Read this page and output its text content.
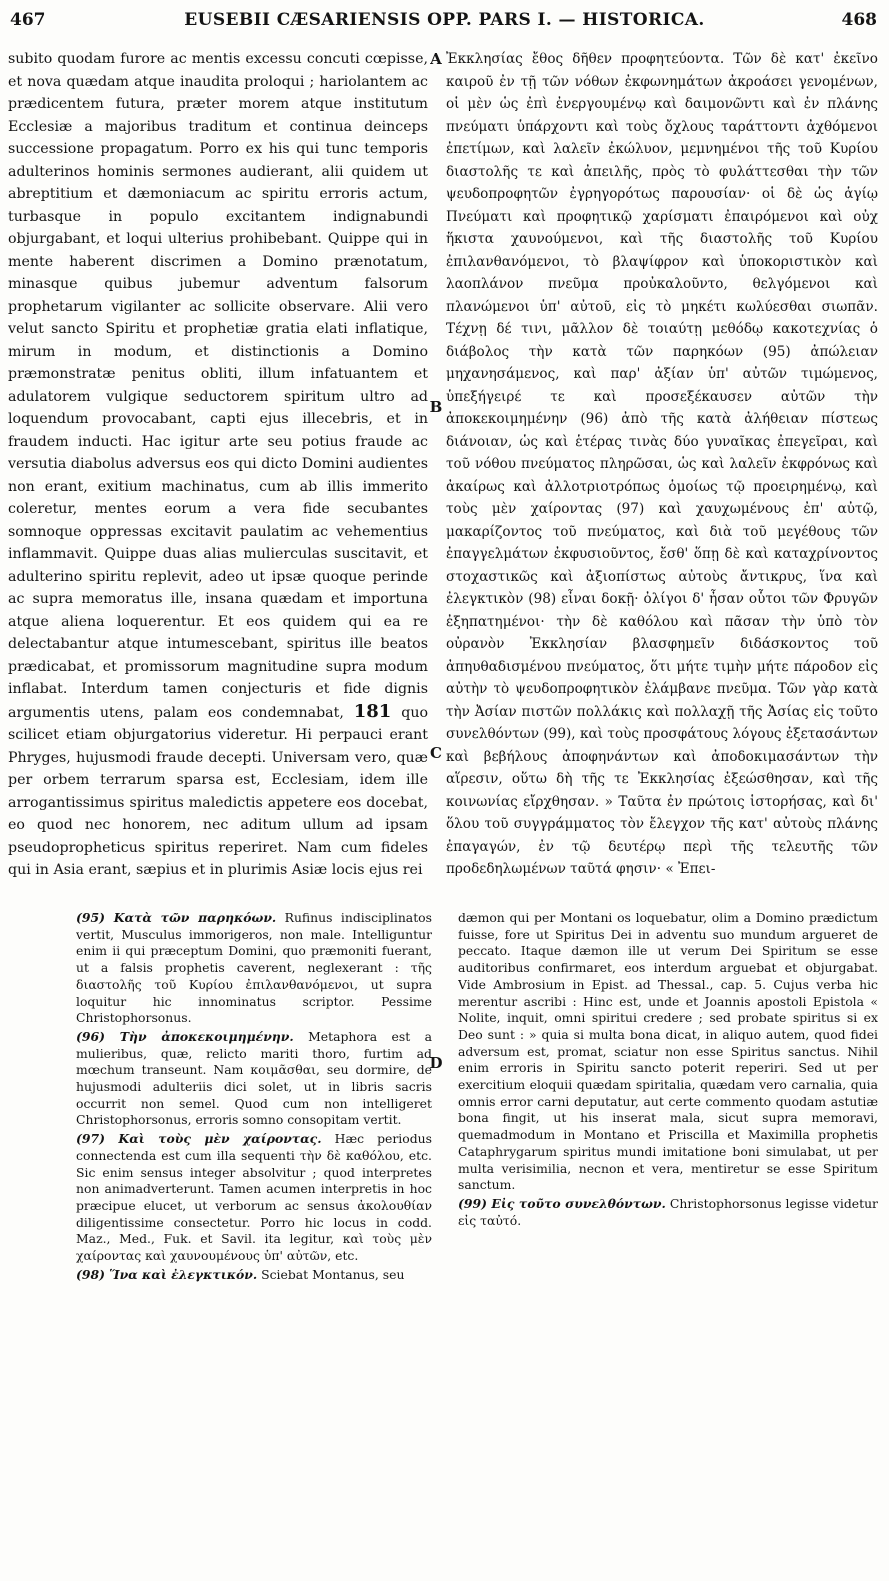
467	EUSEBII CÆSARIENSIS OPP. PARS I. — HISTORICA.	468

subito quodam furore ac mentis excessu concuti cœpisse, et nova quædam atque inaudita proloqui ; hariolantem ac prædicentem futura, præter morem atque institutum Ecclesiæ a majoribus traditum et continua deinceps successione propagatum. Porro ex his qui tunc temporis adulterinos hominis sermones audierant, alii quidem ut abreptitium et dæmoniacum ac spiritu erroris actum, turbasque in populo excitantem indignabundi objurgabant, et loqui ulterius prohibebant. Quippe qui in mente haberent discrimen a Domino prænotatum, minasque quibus jubemur adventum falsorum prophetarum vigilanter ac sollicite observare. Alii vero velut sancto Spiritu et prophetiæ gratia elati inflatique, mirum in modum, et distinctionis a Domino præmonstratæ penitus obliti, illum infatuantem et adulatorem vulgique seductorem spiritum ultro ad loquendum provocabant, capti ejus illecebris, et in fraudem inducti. Hac igitur arte seu potius fraude ac versutia diabolus adversus eos qui dicto Domini audientes non erant, exitium machinatus, cum ab illis immerito coleretur, mentes eorum a vera fide secubantes somnoque oppressas excitavit paulatim ac vehementius inflammavit. Quippe duas alias mulierculas suscitavit, et adulterino spiritu replevit, adeo ut ipsæ quoque perinde ac supra memoratus ille, insana quædam et importuna atque aliena loquerentur. Et eos quidem qui ea re delectabantur atque intumescebant, spiritus ille beatos prædicabat, et promissorum magnitudine supra modum inflabat. Interdum tamen conjecturis et fide dignis argumentis utens, palam eos condemnabat, 181 quo scilicet etiam objurgatorius videretur. Hi perpauci erant Phryges, hujusmodi fraude decepti. Universam vero, quæ per orbem terrarum sparsa est, Ecclesiam, idem ille arrogantissimus spiritus maledictis appetere eos docebat, eo quod nec honorem, nec aditum ullum ad ipsam pseudopropheticus spiritus reperiret. Nam cum fideles qui in Asia erant, sæpius et in plurimis Asiæ locis ejus rei

A
B
C
D

Ἐκκλησίας ἔθος δῆθεν προφητεύοντα. Τῶν δὲ κατ' ἐκεῖνο καιροῦ ἐν τῇ τῶν νόθων ἐκφωνημάτων ἀκροάσει γενομένων, οἱ μὲν ὡς ἐπὶ ἐνεργουμένῳ καὶ δαιμονῶντι καὶ ἐν πλάνης πνεύματι ὑπάρχοντι καὶ τοὺς ὄχλους ταράττοντι ἀχθόμενοι ἐπετίμων, καὶ λαλεῖν ἐκώλυον, μεμνημένοι τῆς τοῦ Κυρίου διαστολῆς τε καὶ ἀπειλῆς, πρὸς τὸ φυλάττεσθαι τὴν τῶν ψευδοπροφητῶν ἐγρηγορότως παρουσίαν· οἱ δὲ ὡς ἁγίῳ Πνεύματι καὶ προφητικῷ χαρίσματι ἐπαιρόμενοι καὶ οὐχ ἥκιστα χαυνούμενοι, καὶ τῆς διαστολῆς τοῦ Κυρίου ἐπιλανθανόμενοι, τὸ βλαψίφρον καὶ ὑποκοριστικὸν καὶ λαοπλάνον πνεῦμα προὐκαλοῦντο, θελγόμενοι καὶ πλανώμενοι ὑπ' αὐτοῦ, εἰς τὸ μηκέτι κωλύεσθαι σιωπᾶν. Τέχνῃ δέ τινι, μᾶλλον δὲ τοιαύτῃ μεθόδῳ κακοτεχνίας ὁ διάβολος τὴν κατὰ τῶν παρηκόων (95) ἀπώλειαν μηχανησάμενος, καὶ παρ' ἀξίαν ὑπ' αὐτῶν τιμώμενος, ὑπεξήγειρέ τε καὶ προσεξέκαυσεν αὐτῶν τὴν ἀποκεκοιμημένην (96) ἀπὸ τῆς κατὰ ἀλήθειαν πίστεως διάνοιαν, ὡς καὶ ἑτέρας τινὰς δύο γυναῖκας ἐπεγεῖραι, καὶ τοῦ νόθου πνεύματος πληρῶσαι, ὡς καὶ λαλεῖν ἐκφρόνως καὶ ἀκαίρως καὶ ἀλλοτριοτρόπως ὁμοίως τῷ προειρημένῳ, καὶ τοὺς μὲν χαίροντας (97) καὶ χαυχωμένους ἐπ' αὐτῷ, μακαρίζοντος τοῦ πνεύματος, καὶ διὰ τοῦ μεγέθους τῶν ἐπαγγελμάτων ἐκφυσιοῦντος, ἔσθ' ὅπῃ δὲ καὶ καταχρίνοντος στοχαστικῶς καὶ ἀξιοπίστως αὐτοὺς ἄντικρυς, ἵνα καὶ ἐλεγκτικὸν (98) εἶναι δοκῇ· ὀλίγοι δ' ἦσαν οὗτοι τῶν Φρυγῶν ἐξηπατημένοι· τὴν δὲ καθόλου καὶ πᾶσαν τὴν ὑπὸ τὸν οὐρανὸν Ἐκκλησίαν βλασφημεῖν διδάσκοντος τοῦ ἀπηυθαδισμένου πνεύματος, ὅτι μήτε τιμὴν μήτε πάροδον εἰς αὐτὴν τὸ ψευδοπροφητικὸν ἐλάμβανε πνεῦμα. Τῶν γὰρ κατὰ τὴν Ἀσίαν πιστῶν πολλάκις καὶ πολλαχῇ τῆς Ἀσίας εἰς τοῦτο συνελθόντων (99), καὶ τοὺς προσφάτους λόγους ἐξετασάντων καὶ βεβήλους ἀποφηνάντων καὶ ἀποδοκιμασάντων τὴν αἵρεσιν, οὕτω δὴ τῆς τε Ἐκκλησίας ἐξεώσθησαν, καὶ τῆς κοινωνίας εἴρχθησαν. » Ταῦτα ἐν πρώτοις ἱστορήσας, καὶ δι' ὅλου τοῦ συγγράμματος τὸν ἔλεγχον τῆς κατ' αὐτοὺς πλάνης ἐπαγαγών, ἐν τῷ δευτέρῳ περὶ τῆς τελευτῆς τῶν προδεδηλωμένων ταῦτά φησιν· « Ἐπει-

(95) Κατὰ τῶν παρηκόων. Rufinus indisciplinatos vertit, Musculus immorigeros, non male. Intelliguntur enim ii qui præceptum Domini, quo præmoniti fuerant, ut a falsis prophetis caverent, neglexerant : τῆς διαστολῆς τοῦ Κυρίου ἐπιλανθανόμενοι, ut supra loquitur hic innominatus scriptor. Pessime Christophorsonus.

(96) Τὴν ἀποκεκοιμημένην. Metaphora est a mulieribus, quæ, relicto mariti thoro, furtim ad mœchum transeunt. Nam κοιμᾶσθαι, seu dormire, de hujusmodi adulteriis dici solet, ut in libris sacris occurrit non semel. Quod cum non intelligeret Christophorsonus, erroris somno consopitam vertit.

(97) Καὶ τοὺς μὲν χαίροντας. Hæc periodus connectenda est cum illa sequenti τὴν δὲ καθόλου, etc. Sic enim sensus integer absolvitur ; quod interpretes non animadverterunt. Tamen acumen interpretis in hoc præcipue elucet, ut verborum ac sensus ἀκολουθίαν diligentissime consectetur. Porro hic locus in codd. Maz., Med., Fuk. et Savil. ita legitur, καὶ τοὺς μὲν χαίροντας καὶ χαυνουμένους ὑπ' αὐτῶν, etc.

(98) Ἵνα καὶ ἐλεγκτικόν. Sciebat Montanus, seu

dæmon qui per Montani os loquebatur, olim a Domino prædictum fuisse, fore ut Spiritus Dei in adventu suo mundum argueret de peccato. Itaque dæmon ille ut verum Dei Spiritum se esse auditoribus confirmaret, eos interdum arguebat et objurgabat. Vide Ambrosium in Epist. ad Thessal., cap. 5. Cujus verba hic merentur ascribi : Hinc est, unde et Joannis apostoli Epistola « Nolite, inquit, omni spiritui credere ; sed probate spiritus si ex Deo sunt : » quia si multa bona dicat, in aliquo autem, quod fidei adversum est, promat, sciatur non esse Spiritus sanctus. Nihil enim erroris in Spiritu sancto poterit reperiri. Sed ut per exercitium eloquii quædam spiritalia, quædam vero carnalia, quia omnis error carni deputatur, aut certe commento quodam astutiæ bona fingit, ut his inserat mala, sicut supra memoravi, quemadmodum in Montano et Priscilla et Maximilla prophetis Cataphrygarum spiritus mundi imitatione boni simulabat, ut per multa verisimilia, necnon et vera, mentiretur se esse Spiritum sanctum.

(99) Εἰς τοῦτο συνελθόντων. Christophorsonus legisse videtur εἰς ταὐτό.
